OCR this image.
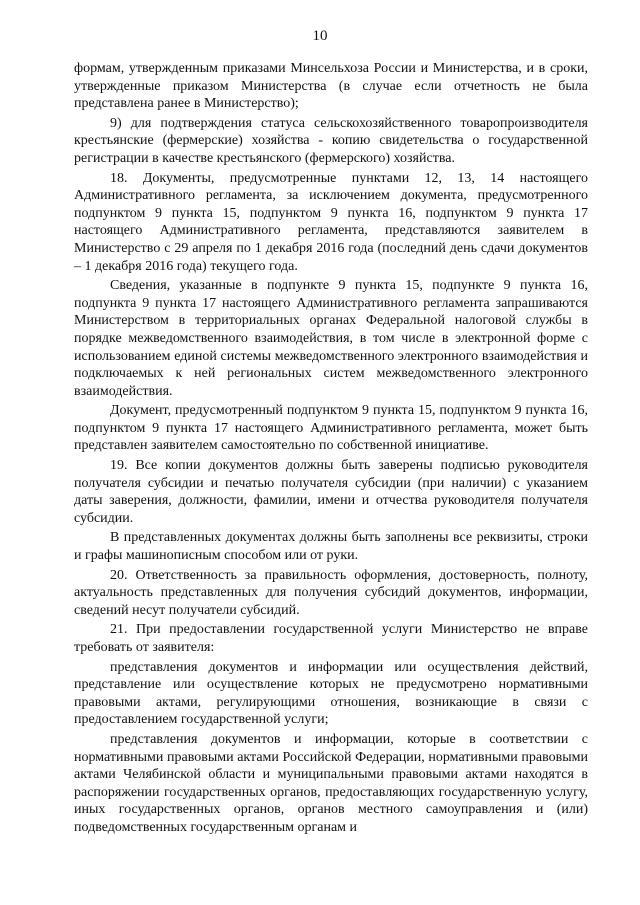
10

формам, утвержденным приказами Минсельхоза России и Министерства, и в сроки, утвержденные приказом Министерства (в случае если отчетность не была представлена ранее в Министерство);

9) для подтверждения статуса сельскохозяйственного товаропроизводителя крестьянские (фермерские) хозяйства - копию свидетельства о государственной регистрации в качестве крестьянского (фермерского) хозяйства.

18. Документы, предусмотренные пунктами 12, 13, 14 настоящего Административного регламента, за исключением документа, предусмотренного подпунктом 9 пункта 15, подпунктом 9 пункта 16, подпунктом 9 пункта 17 настоящего Административного регламента, представляются заявителем в Министерство с 29 апреля по 1 декабря 2016 года (последний день сдачи документов – 1 декабря 2016 года) текущего года.

Сведения, указанные в подпункте 9 пункта 15, подпункте 9 пункта 16, подпункта 9 пункта 17 настоящего Административного регламента запрашиваются Министерством в территориальных органах Федеральной налоговой службы в порядке межведомственного взаимодействия, в том числе в электронной форме с использованием единой системы межведомственного электронного взаимодействия и подключаемых к ней региональных систем межведомственного электронного взаимодействия.

Документ, предусмотренный подпунктом 9 пункта 15, подпунктом 9 пункта 16, подпунктом 9 пункта 17 настоящего Административного регламента, может быть представлен заявителем самостоятельно по собственной инициативе.

19. Все копии документов должны быть заверены подписью руководителя получателя субсидии и печатью получателя субсидии (при наличии) с указанием даты заверения, должности, фамилии, имени и отчества руководителя получателя субсидии.

В представленных документах должны быть заполнены все реквизиты, строки и графы машинописным способом или от руки.

20. Ответственность за правильность оформления, достоверность, полноту, актуальность представленных для получения субсидий документов, информации, сведений несут получатели субсидий.

21. При предоставлении государственной услуги Министерство не вправе требовать от заявителя:

представления документов и информации или осуществления действий, представление или осуществление которых не предусмотрено нормативными правовыми актами, регулирующими отношения, возникающие в связи с предоставлением государственной услуги;

представления документов и информации, которые в соответствии с нормативными правовыми актами Российской Федерации, нормативными правовыми актами Челябинской области и муниципальными правовыми актами находятся в распоряжении государственных органов, предоставляющих государственную услугу, иных государственных органов, органов местного самоуправления и (или) подведомственных государственным органам и
